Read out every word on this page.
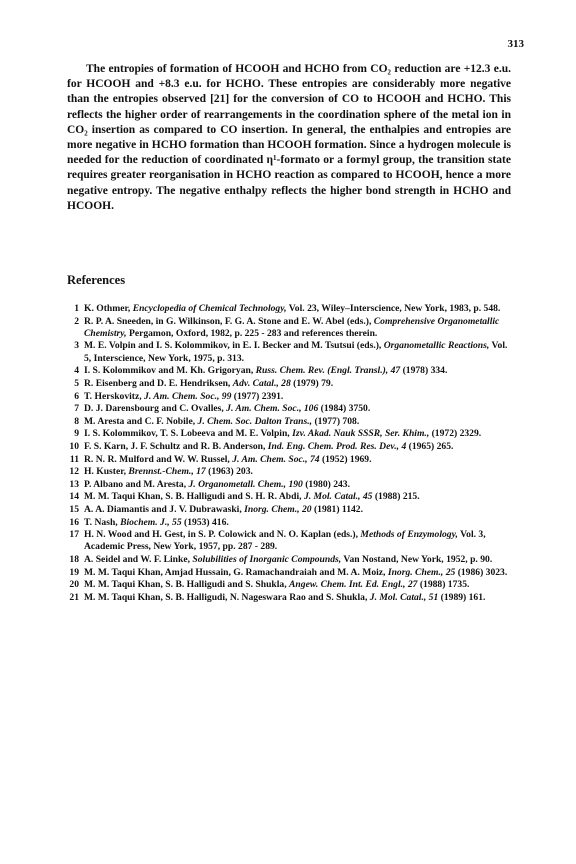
313

The entropies of formation of HCOOH and HCHO from CO₂ reduction are +12.3 e.u. for HCOOH and +8.3 e.u. for HCHO. These entropies are considerably more negative than the entropies observed [21] for the conversion of CO to HCOOH and HCHO. This reflects the higher order of rearrangements in the coordination sphere of the metal ion in CO₂ insertion as compared to CO insertion. In general, the enthalpies and entropies are more negative in HCHO formation than HCOOH formation. Since a hydrogen molecule is needed for the reduction of coordinated η¹-formato or a formyl group, the transition state requires greater reorganisation in HCHO reaction as compared to HCOOH, hence a more negative entropy. The negative enthalpy reflects the higher bond strength in HCHO and HCOOH.

References
1 K. Othmer, Encyclopedia of Chemical Technology, Vol. 23, Wiley–Interscience, New York, 1983, p. 548.
2 R. P. A. Sneeden, in G. Wilkinson, F. G. A. Stone and E. W. Abel (eds.), Comprehensive Organometallic Chemistry, Pergamon, Oxford, 1982, p. 225 - 283 and references therein.
3 M. E. Volpin and I. S. Kolommikov, in E. I. Becker and M. Tsutsui (eds.), Organometallic Reactions, Vol. 5, Interscience, New York, 1975, p. 313.
4 I. S. Kolommikov and M. Kh. Grigoryan, Russ. Chem. Rev. (Engl. Transl.), 47 (1978) 334.
5 R. Eisenberg and D. E. Hendriksen, Adv. Catal., 28 (1979) 79.
6 T. Herskovitz, J. Am. Chem. Soc., 99 (1977) 2391.
7 D. J. Darensbourg and C. Ovalles, J. Am. Chem. Soc., 106 (1984) 3750.
8 M. Aresta and C. F. Nobile, J. Chem. Soc. Dalton Trans., (1977) 708.
9 I. S. Kolommikov, T. S. Lobeeva and M. E. Volpin, Izv. Akad. Nauk SSSR, Ser. Khim., (1972) 2329.
10 F. S. Karn, J. F. Schultz and R. B. Anderson, Ind. Eng. Chem. Prod. Res. Dev., 4 (1965) 265.
11 R. N. R. Mulford and W. W. Russel, J. Am. Chem. Soc., 74 (1952) 1969.
12 H. Kuster, Brennst.-Chem., 17 (1963) 203.
13 P. Albano and M. Aresta, J. Organometall. Chem., 190 (1980) 243.
14 M. M. Taqui Khan, S. B. Halligudi and S. H. R. Abdi, J. Mol. Catal., 45 (1988) 215.
15 A. A. Diamantis and J. V. Dubrawaski, Inorg. Chem., 20 (1981) 1142.
16 T. Nash, Biochem. J., 55 (1953) 416.
17 H. N. Wood and H. Gest, in S. P. Colowick and N. O. Kaplan (eds.), Methods of Enzymology, Vol. 3, Academic Press, New York, 1957, pp. 287 - 289.
18 A. Seidel and W. F. Linke, Solubilities of Inorganic Compounds, Van Nostand, New York, 1952, p. 90.
19 M. M. Taqui Khan, Amjad Hussain, G. Ramachandraiah and M. A. Moiz, Inorg. Chem., 25 (1986) 3023.
20 M. M. Taqui Khan, S. B. Halligudi and S. Shukla, Angew. Chem. Int. Ed. Engl., 27 (1988) 1735.
21 M. M. Taqui Khan, S. B. Halligudi, N. Nageswara Rao and S. Shukla, J. Mol. Catal., 51 (1989) 161.
